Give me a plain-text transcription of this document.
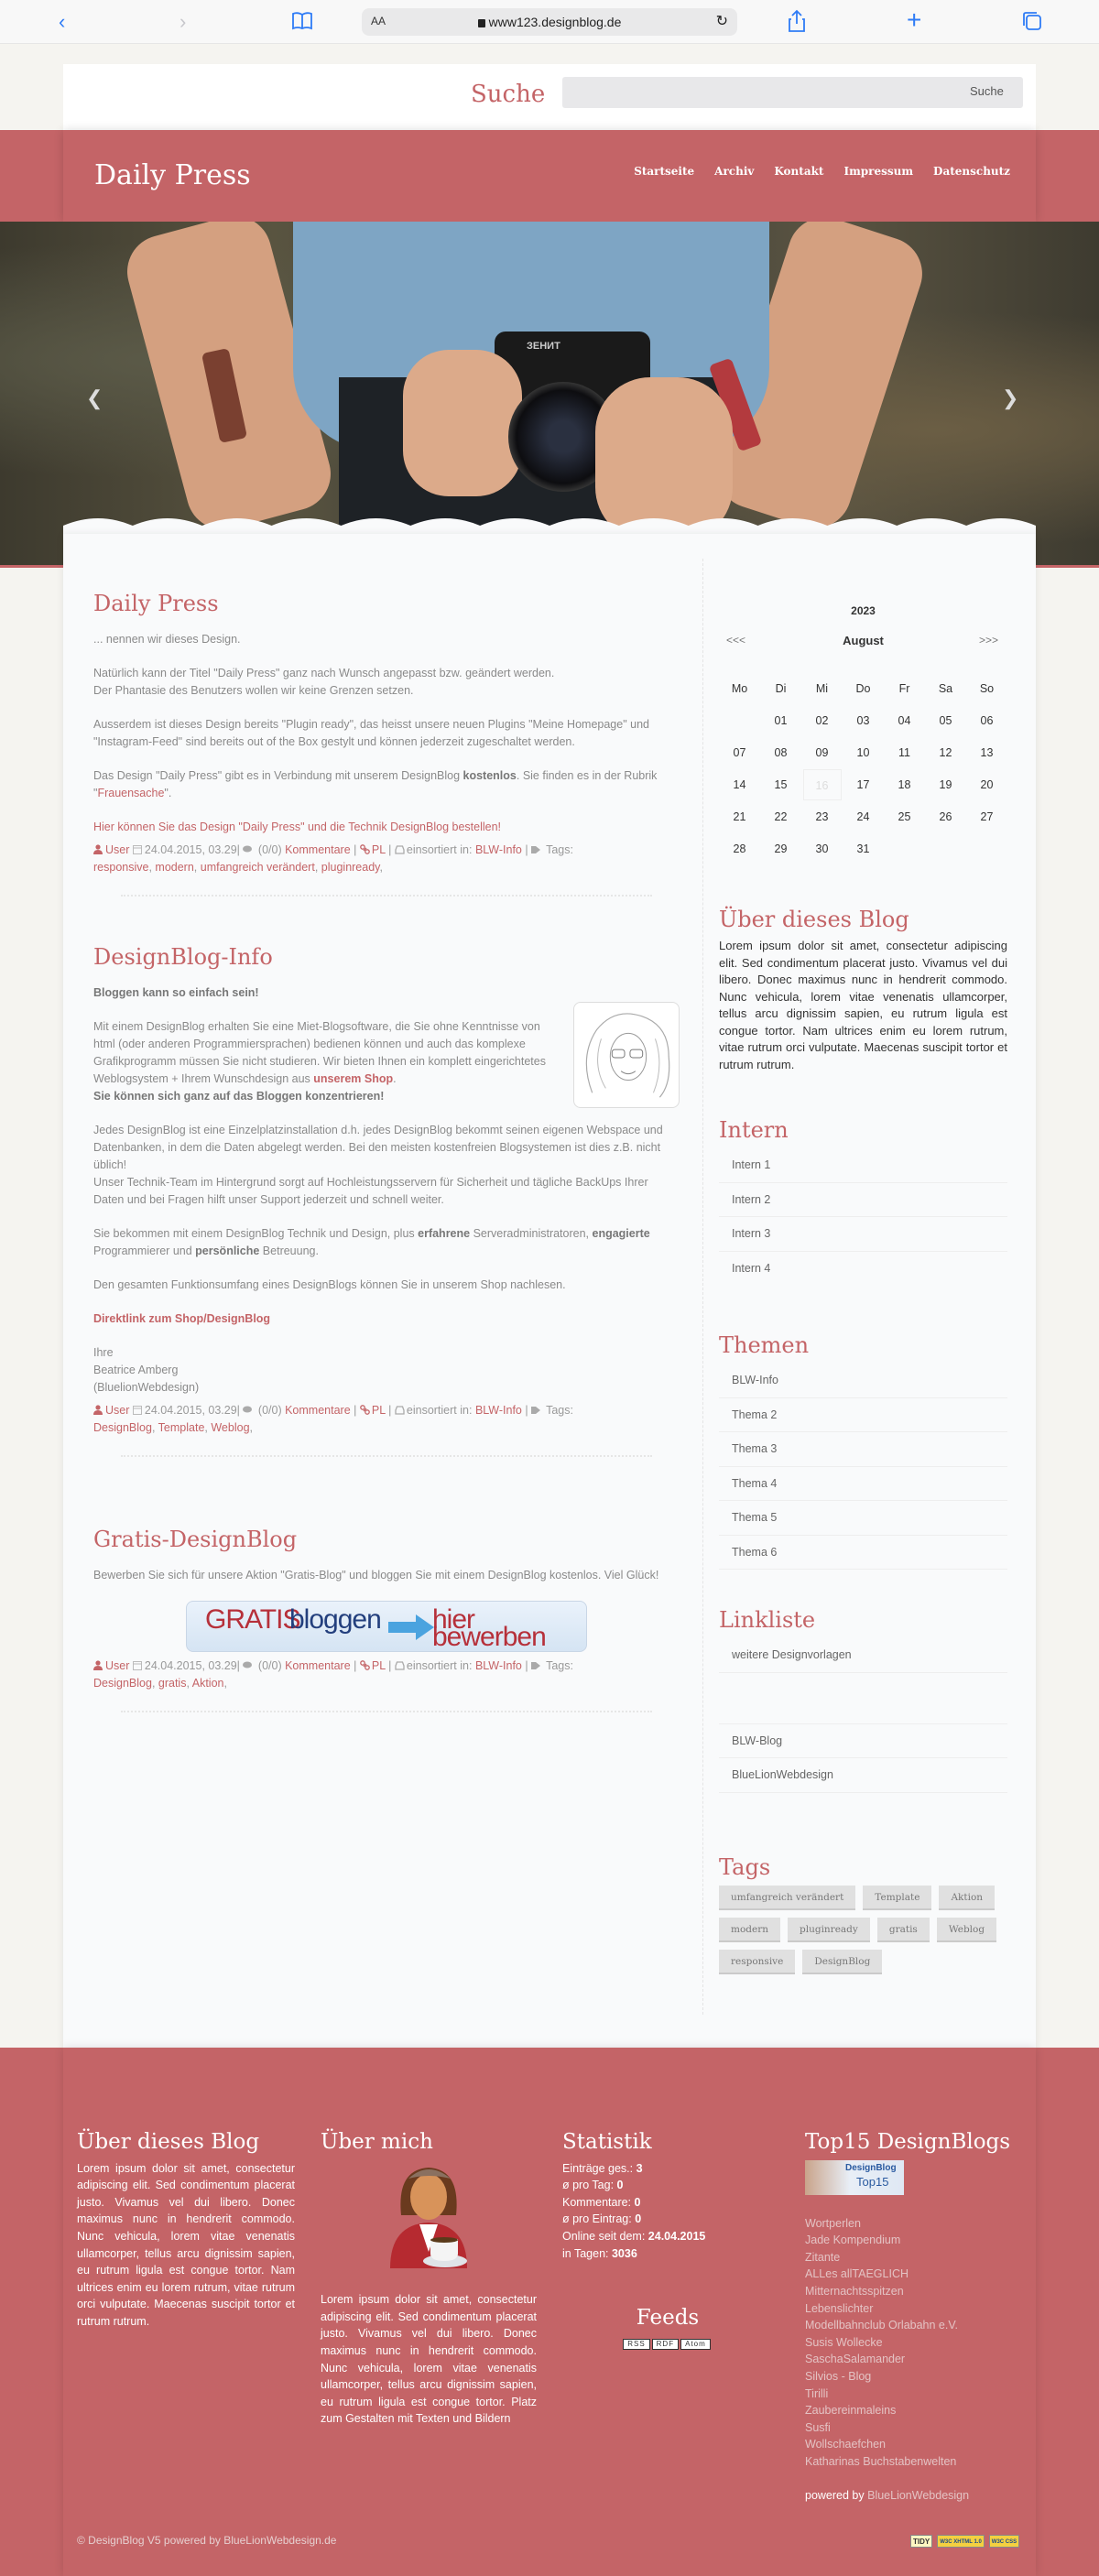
‹	›	AA	www123.designblog.de	↻	+
Suche	Suche
Daily Press	Startseite Archiv Kontakt Impressum Datenschutz
ЗЕНИТ
❮	❯
Daily Press

... nennen wir dieses Design.

Natürlich kann der Titel "Daily Press" ganz nach Wunsch angepasst bzw. geändert werden.
Der Phantasie des Benutzers wollen wir keine Grenzen setzen.

Ausserdem ist dieses Design bereits "Plugin ready", das heisst unsere neuen Plugins "Meine Homepage" und "Instagram-Feed" sind bereits out of the Box gestylt und können jederzeit zugeschaltet werden.

Das Design "Daily Press" gibt es in Verbindung mit unserem DesignBlog kostenlos. Sie finden es in der Rubrik "Frauensache".

Hier können Sie das Design "Daily Press" und die Technik DesignBlog bestellen!

User 24.04.2015, 03.29| (0/0) Kommentare | PL | einsortiert in: BLW-Info | Tags:
responsive, modern, umfangreich verändert, pluginready,
DesignBlog-Info

Bloggen kann so einfach sein!

Mit einem DesignBlog erhalten Sie eine Miet-Blogsoftware, die Sie ohne Kenntnisse von html (oder anderen Programmiersprachen) bedienen können und auch das komplexe Grafikprogramm müssen Sie nicht studieren. Wir bieten Ihnen ein komplett eingerichtetes Weblogsystem + Ihrem Wunschdesign aus unserem Shop.
Sie können sich ganz auf das Bloggen konzentrieren!

Jedes DesignBlog ist eine Einzelplatzinstallation d.h. jedes DesignBlog bekommt seinen eigenen Webspace und Datenbanken, in dem die Daten abgelegt werden. Bei den meisten kostenfreien Blogsystemen ist dies z.B. nicht üblich!
Unser Technik-Team im Hintergrund sorgt auf Hochleistungsservern für Sicherheit und tägliche BackUps Ihrer Daten und bei Fragen hilft unser Support jederzeit und schnell weiter.

Sie bekommen mit einem DesignBlog Technik und Design, plus erfahrene Serveradministratoren, engagierte Programmierer und persönliche Betreuung.

Den gesamten Funktionsumfang eines DesignBlogs können Sie in unserem Shop nachlesen.

Direktlink zum Shop/DesignBlog

Ihre
Beatrice Amberg
(BluelionWebdesign)

User 24.04.2015, 03.29| (0/0) Kommentare | PL | einsortiert in: BLW-Info | Tags:
DesignBlog, Template, Weblog,
Gratis-DesignBlog

Bewerben Sie sich für unsere Aktion "Gratis-Blog" und bloggen Sie mit einem DesignBlog kostenlos. Viel Glück!

GRATIS
bloggen hier bewerben
User 24.04.2015, 03.29| (0/0) Kommentare | PL | einsortiert in: BLW-Info | Tags:
DesignBlog, gratis, Aktion,
2023
<<<	August	>>>
Mo	Di	Mi	Do	Fr	Sa	So
	01	02	03	04	05	06
07	08	09	10	11	12	13
14	15	16	17	18	19	20
21	22	23	24	25	26	27
28	29	30	31			
Über dieses Blog

Lorem ipsum dolor sit amet, consectetur adipiscing elit. Sed condimentum placerat justo. Vivamus vel dui libero. Donec maximus nunc in hendrerit commodo. Nunc vehicula, lorem vitae venenatis ullamcorper, tellus arcu dignissim sapien, eu rutrum ligula est congue tortor. Nam ultrices enim eu lorem rutrum, vitae rutrum orci vulputate. Maecenas suscipit tortor et rutrum rutrum.

Intern
Intern 1
Intern 2
Intern 3
Intern 4
Themen
BLW-Info
Thema 2
Thema 3
Thema 4
Thema 5
Thema 6
Linkliste
weitere Designvorlagen
BLW-Blog
BlueLionWebdesign
Tags
umfangreich verändert	Template	Aktion
modern	pluginready	gratis	Weblog
responsive	DesignBlog
Über dieses Blog

Lorem ipsum dolor sit amet, consectetur adipiscing elit. Sed condimentum placerat justo. Vivamus vel dui libero. Donec maximus nunc in hendrerit commodo. Nunc vehicula, lorem vitae venenatis ullamcorper, tellus arcu dignissim sapien, eu rutrum ligula est congue tortor. Nam ultrices enim eu lorem rutrum, vitae rutrum orci vulputate. Maecenas suscipit tortor et rutrum rutrum.

Über mich

Lorem ipsum dolor sit amet, consectetur adipiscing elit. Sed condimentum placerat justo. Vivamus vel dui libero. Donec maximus nunc in hendrerit commodo. Nunc vehicula, lorem vitae venenatis ullamcorper, tellus arcu dignissim sapien, eu rutrum ligula est congue tortor. Platz zum Gestalten mit Texten und Bildern

Statistik
Einträge ges.: 3
ø pro Tag: 0
Kommentare: 0
ø pro Eintrag: 0
Online seit dem: 24.04.2015
in Tagen: 3036
Feeds
RSS RDF Atom
Top15 DesignBlogs
DesignBlog
Top15
Wortperlen
Jade Kompendium
Zitante
ALLes allTAEGLICH
Mitternachtsspitzen
Lebenslichter
Modellbahnclub Orlabahn e.V.
Susis Wollecke
SaschaSalamander
Silvios - Blog
Tirilli
Zaubereinmaleins
Susfi
Wollschaefchen
Katharinas Buchstabenwelten

powered by BlueLionWebdesign

© DesignBlog V5 powered by BlueLionWebdesign.de	TIDY	W3C XHTML 1.0	W3C CSS
